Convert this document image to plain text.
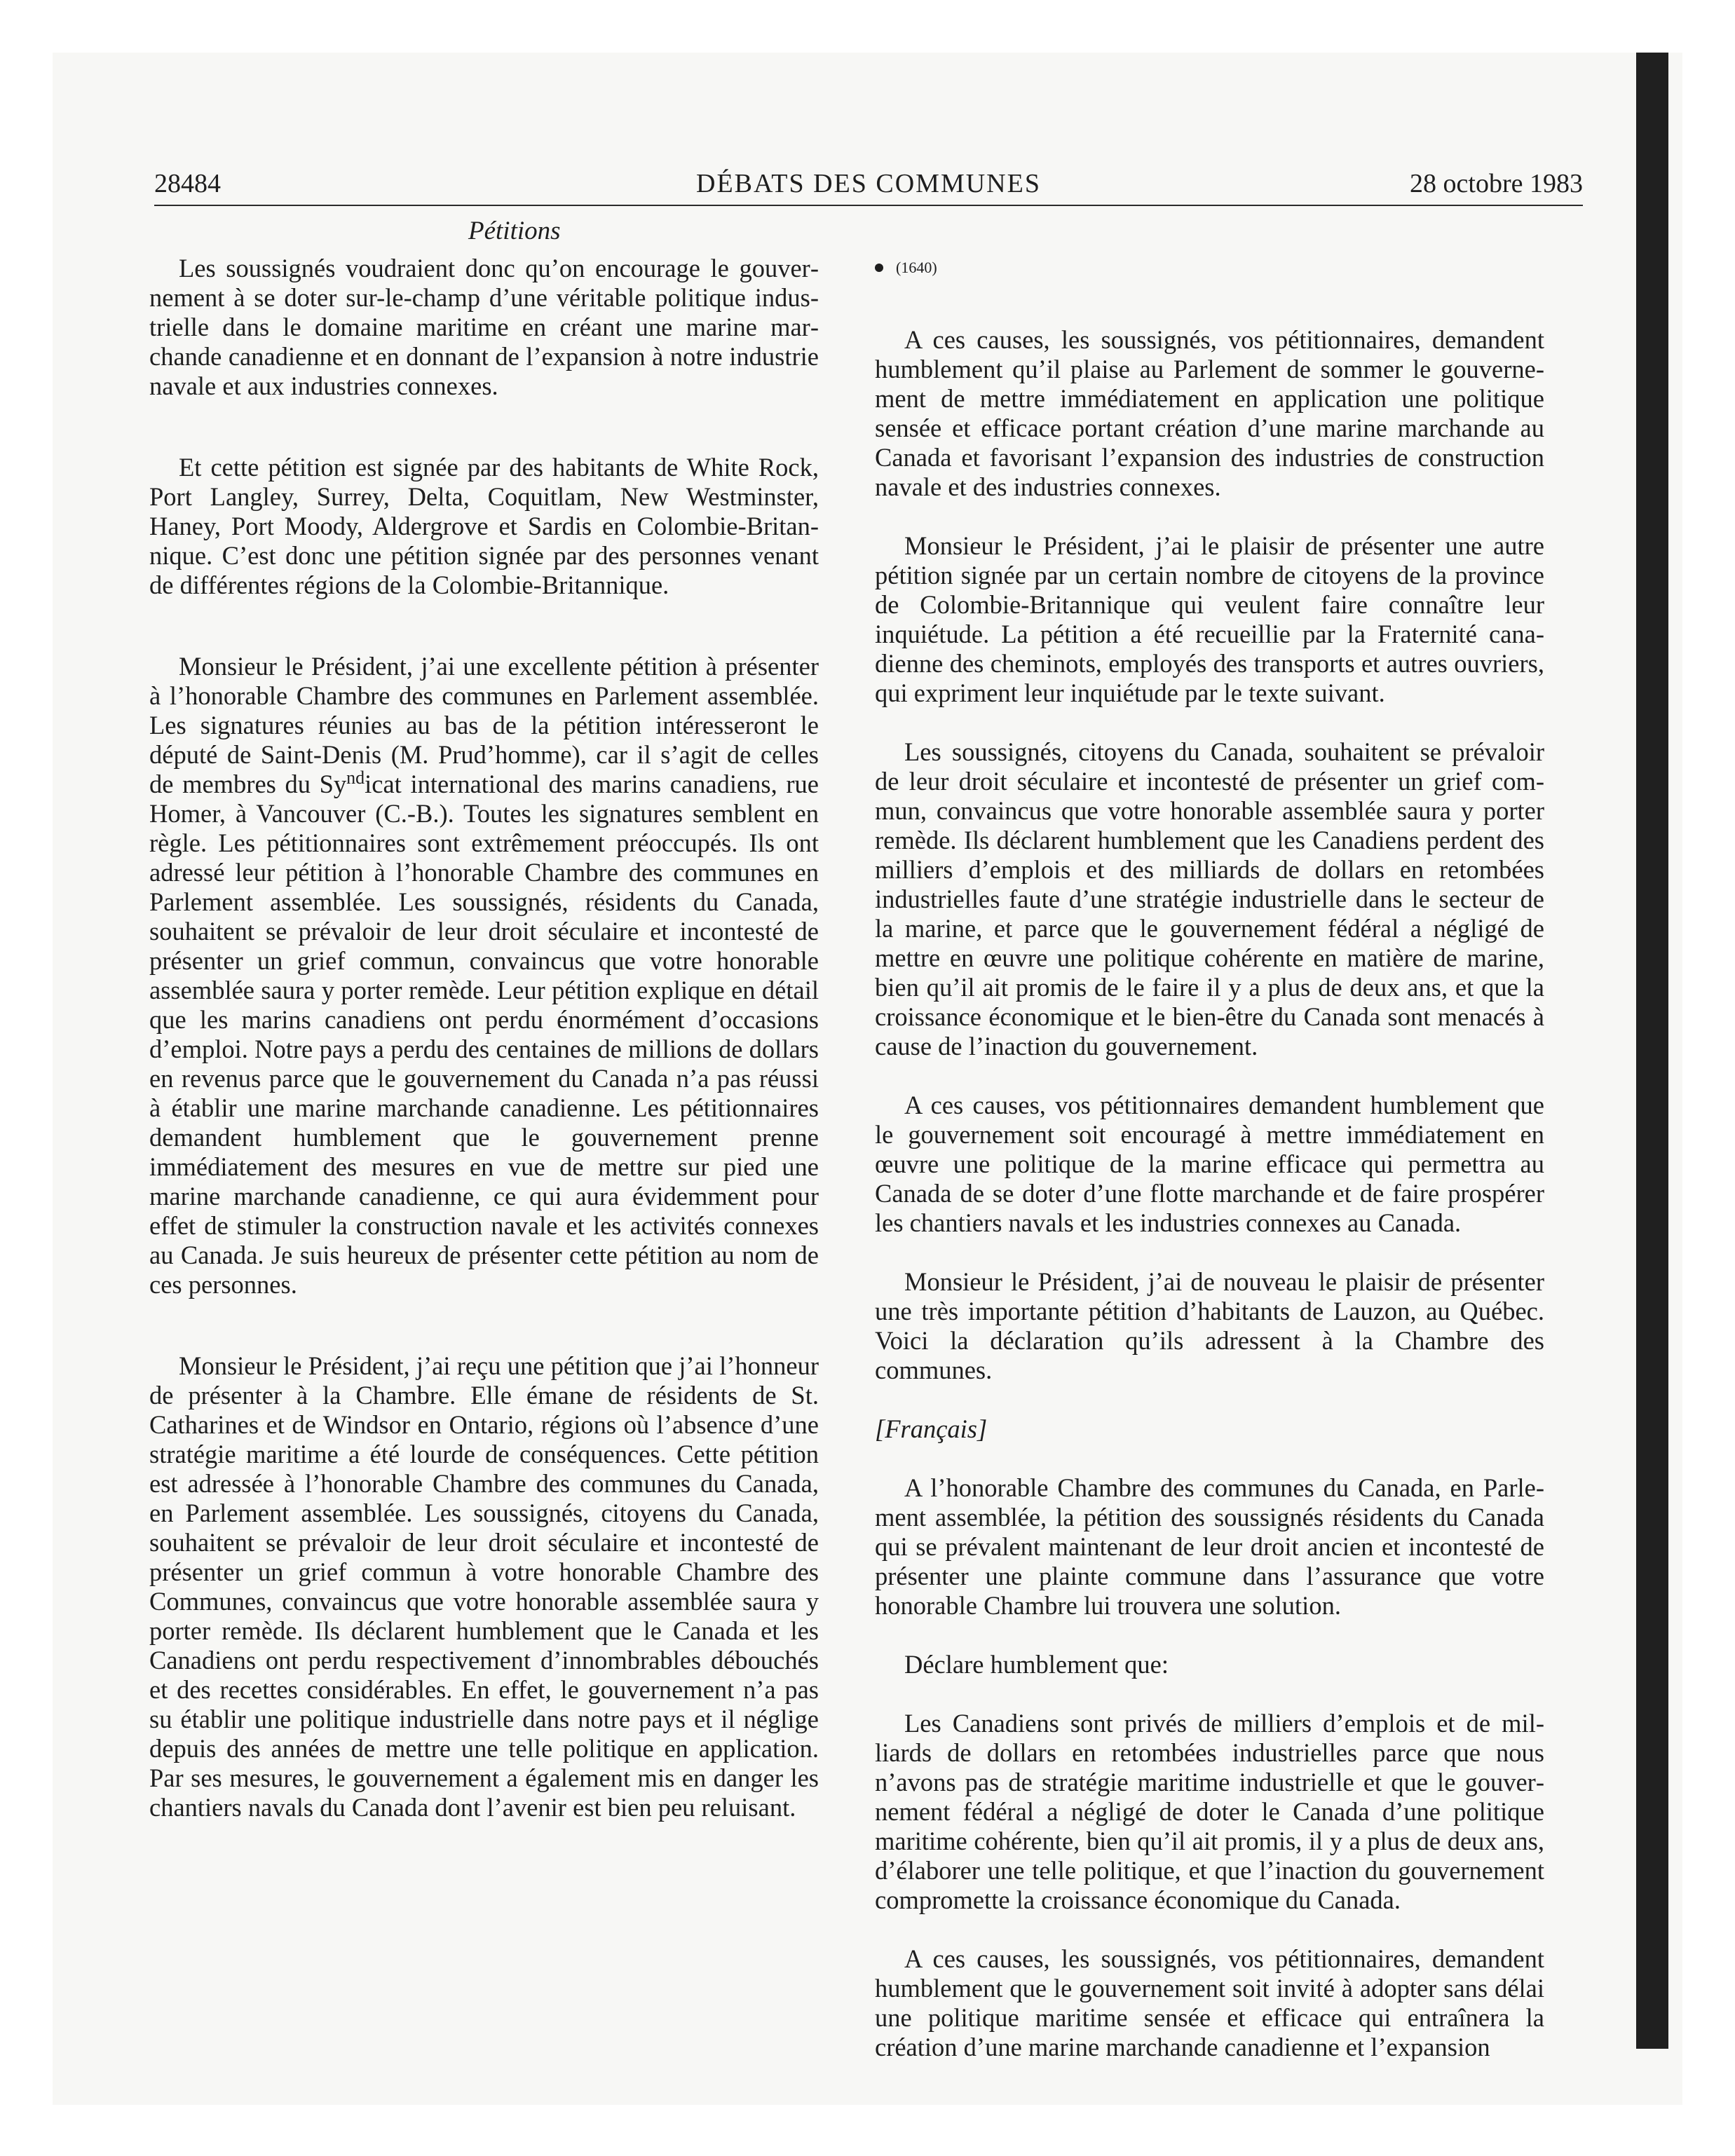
28484	DÉBATS DES COMMUNES	28 octobre 1983
Pétitions

Les soussignés voudraient donc qu’on encourage le gouvernement à se doter sur-le-champ d’une véritable politique industrielle dans le domaine maritime en créant une marine marchande canadienne et en donnant de l’expansion à notre industrie navale et aux industries connexes.

Et cette pétition est signée par des habitants de White Rock, Port Langley, Surrey, Delta, Coquitlam, New Westminster, Haney, Port Moody, Aldergrove et Sardis en Colombie-Britannique. C’est donc une pétition signée par des personnes venant de différentes régions de la Colombie-Britannique.

Monsieur le Président, j’ai une excellente pétition à présenter à l’honorable Chambre des communes en Parlement assemblée. Les signatures réunies au bas de la pétition intéresseront le député de Saint-Denis (M. Prud’homme), car il s’agit de celles de membres du $Sy^{nd}icat$ international des marins canadiens, rue Homer, à Vancouver (C.-B.). Toutes les signatures semblent en règle. Les pétitionnaires sont extrêmement préoccupés. Ils ont adressé leur pétition à l’honorable Chambre des communes en Parlement assemblée. Les soussignés, résidents du Canada, souhaitent se prévaloir de leur droit séculaire et incontesté de présenter un grief commun, convaincus que votre honorable assemblée saura y porter remède. Leur pétition explique en détail que les marins canadiens ont perdu énormément d’occasions d’emploi. Notre pays a perdu des centaines de millions de dollars en revenus parce que le gouvernement du Canada n’a pas réussi à établir une marine marchande canadienne. Les pétitionnaires demandent humblement que le gouvernement prenne immédiatement des mesures en vue de mettre sur pied une marine marchande canadienne, ce qui aura évidemment pour effet de stimuler la construction navale et les activités connexes au Canada. Je suis heureux de présenter cette pétition au nom de ces personnes.

Monsieur le Président, j’ai reçu une pétition que j’ai l’honneur de présenter à la Chambre. Elle émane de résidents de St. Catharines et de Windsor en Ontario, régions où l’absence d’une stratégie maritime a été lourde de conséquences. Cette pétition est adressée à l’honorable Chambre des communes du Canada, en Parlement assemblée. Les soussignés, citoyens du Canada, souhaitent se prévaloir de leur droit séculaire et incontesté de présenter un grief commun à votre honorable Chambre des Communes, convaincus que votre honorable assemblée saura y porter remède. Ils déclarent humblement que le Canada et les Canadiens ont perdu respectivement d’innombrables débouchés et des recettes considérables. En effet, le gouvernement n’a pas su établir une politique industrielle dans notre pays et il néglige depuis des années de mettre une telle politique en application. Par ses mesures, le gouvernement a également mis en danger les chantiers navals du Canada dont l’avenir est bien peu reluisant.

(1640)

A ces causes, les soussignés, vos pétitionnaires, demandent humblement qu’il plaise au Parlement de sommer le gouvernement de mettre immédiatement en application une politique sensée et efficace portant création d’une marine marchande au Canada et favorisant l’expansion des industries de construction navale et des industries connexes.

Monsieur le Président, j’ai le plaisir de présenter une autre pétition signée par un certain nombre de citoyens de la province de Colombie-Britannique qui veulent faire connaître leur inquiétude. La pétition a été recueillie par la Fraternité canadienne des cheminots, employés des transports et autres ouvriers, qui expriment leur inquiétude par le texte suivant.

Les soussignés, citoyens du Canada, souhaitent se prévaloir de leur droit séculaire et incontesté de présenter un grief commun, convaincus que votre honorable assemblée saura y porter remède. Ils déclarent humblement que les Canadiens perdent des milliers d’emplois et des milliards de dollars en retombées industrielles faute d’une stratégie industrielle dans le secteur de la marine, et parce que le gouvernement fédéral a négligé de mettre en œuvre une politique cohérente en matière de marine, bien qu’il ait promis de le faire il y a plus de deux ans, et que la croissance économique et le bien-être du Canada sont menacés à cause de l’inaction du gouvernement.

A ces causes, vos pétitionnaires demandent humblement que le gouvernement soit encouragé à mettre immédiatement en œuvre une politique de la marine efficace qui permettra au Canada de se doter d’une flotte marchande et de faire prospérer les chantiers navals et les industries connexes au Canada.

Monsieur le Président, j’ai de nouveau le plaisir de présenter une très importante pétition d’habitants de Lauzon, au Québec. Voici la déclaration qu’ils adressent à la Chambre des communes.

[Français]

A l’honorable Chambre des communes du Canada, en Parlement assemblée, la pétition des soussignés résidents du Canada qui se prévalent maintenant de leur droit ancien et incontesté de présenter une plainte commune dans l’assurance que votre honorable Chambre lui trouvera une solution.

Déclare humblement que:

Les Canadiens sont privés de milliers d’emplois et de milliards de dollars en retombées industrielles parce que nous n’avons pas de stratégie maritime industrielle et que le gouvernement fédéral a négligé de doter le Canada d’une politique maritime cohérente, bien qu’il ait promis, il y a plus de deux ans, d’élaborer une telle politique, et que l’inaction du gouvernement compromette la croissance économique du Canada.

A ces causes, les soussignés, vos pétitionnaires, demandent humblement que le gouvernement soit invité à adopter sans délai une politique maritime sensée et efficace qui entraînera la création d’une marine marchande canadienne et l’expansion
